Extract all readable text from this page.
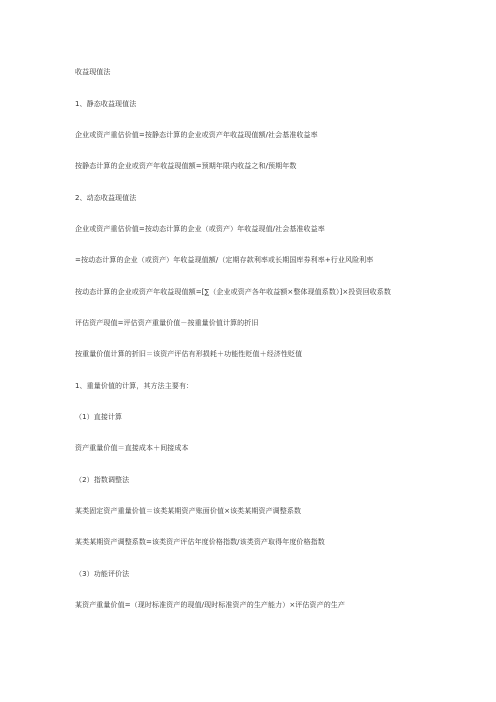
收益现值法
1、静态收益现值法
企业或资产重估价值=按静态计算的企业或资产年收益现值额/社会基准收益率
按静态计算的企业或资产年收益现值额=预期年限内收益之和/预期年数
2、动态收益现值法
企业或资产重估价值=按动态计算的企业（或资产）年收益现值/社会基准收益率
=按动态计算的企业（或资产）年收益现值额/（定期存款利率或长期国库券利率+行业风险利率
按动态计算的企业或资产年收益现值额=[∑（企业或资产各年收益额×整体现值系数）]×投资回收系数
评估资产现值=评估资产重量价值－按重量价值计算的折旧
按重量价值计算的折旧＝该资产评估有形损耗＋功能性贬值＋经济性贬值
1、重量价值的计算，其方法主要有：
（1）直接计算
资产重量价值＝直接成本＋间接成本
（2）指数调整法
某类固定资产重量价值＝该类某期资产账面价值×该类某期资产调整系数
某类某期资产调整系数=该类资产评估年度价格指数/该类资产取得年度价格指数
（3）功能评价法
某资产重量价值=（现时标准资产的现值/现时标准资产的生产能力）×评估资产的生产
